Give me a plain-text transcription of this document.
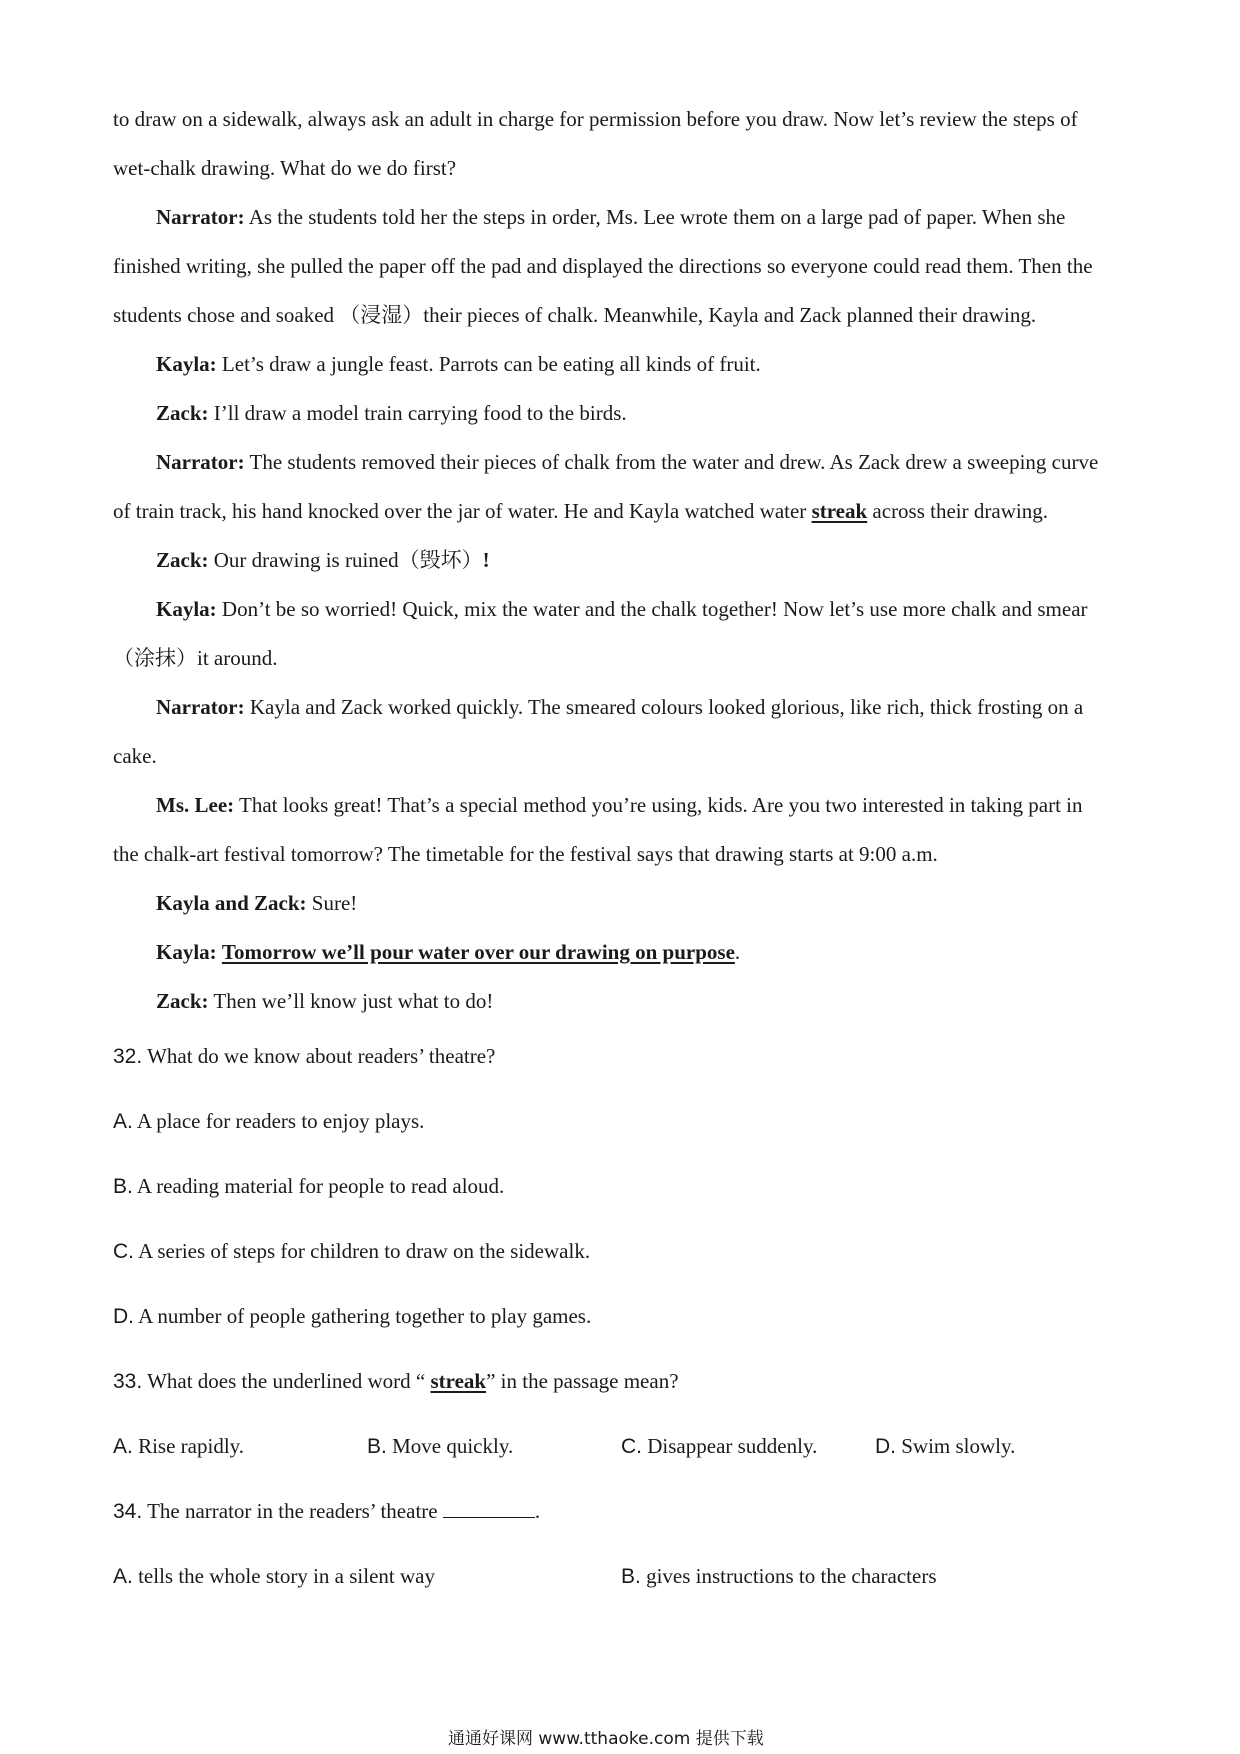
to draw on a sidewalk, always ask an adult in charge for permission before you draw. Now let’s review the steps of
wet-chalk drawing. What do we do first?
Narrator: As the students told her the steps in order, Ms. Lee wrote them on a large pad of paper. When she
finished writing, she pulled the paper off the pad and displayed the directions so everyone could read them. Then the
students chose and soaked （浸湿）their pieces of chalk. Meanwhile, Kayla and Zack planned their drawing.
Kayla: Let’s draw a jungle feast. Parrots can be eating all kinds of fruit.
Zack: I’ll draw a model train carrying food to the birds.
Narrator: The students removed their pieces of chalk from the water and drew. As Zack drew a sweeping curve
of train track, his hand knocked over the jar of water. He and Kayla watched water streak across their drawing.
Zack: Our drawing is ruined（毁坏）!
Kayla: Don’t be so worried! Quick, mix the water and the chalk together! Now let’s use more chalk and smear
（涂抹）it around.
Narrator: Kayla and Zack worked quickly. The smeared colours looked glorious, like rich, thick frosting on a
cake.
Ms. Lee: That looks great! That’s a special method you’re using, kids. Are you two interested in taking part in
the chalk-art festival tomorrow? The timetable for the festival says that drawing starts at 9:00 a.m.
Kayla and Zack: Sure!
Kayla: Tomorrow we’ll pour water over our drawing on purpose.
Zack: Then we’ll know just what to do!
32. What do we know about readers’ theatre?
A. A place for readers to enjoy plays.
B. A reading material for people to read aloud.
C. A series of steps for children to draw on the sidewalk.
D. A number of people gathering together to play games.
33. What does the underlined word “ streak” in the passage mean?
A. Rise rapidly.	B. Move quickly.	C. Disappear suddenly.	D. Swim slowly.
34. The narrator in the readers’ theatre	.
A. tells the whole story in a silent way	B. gives instructions to the characters
通通好课网 www.tthaoke.com 提供下载
